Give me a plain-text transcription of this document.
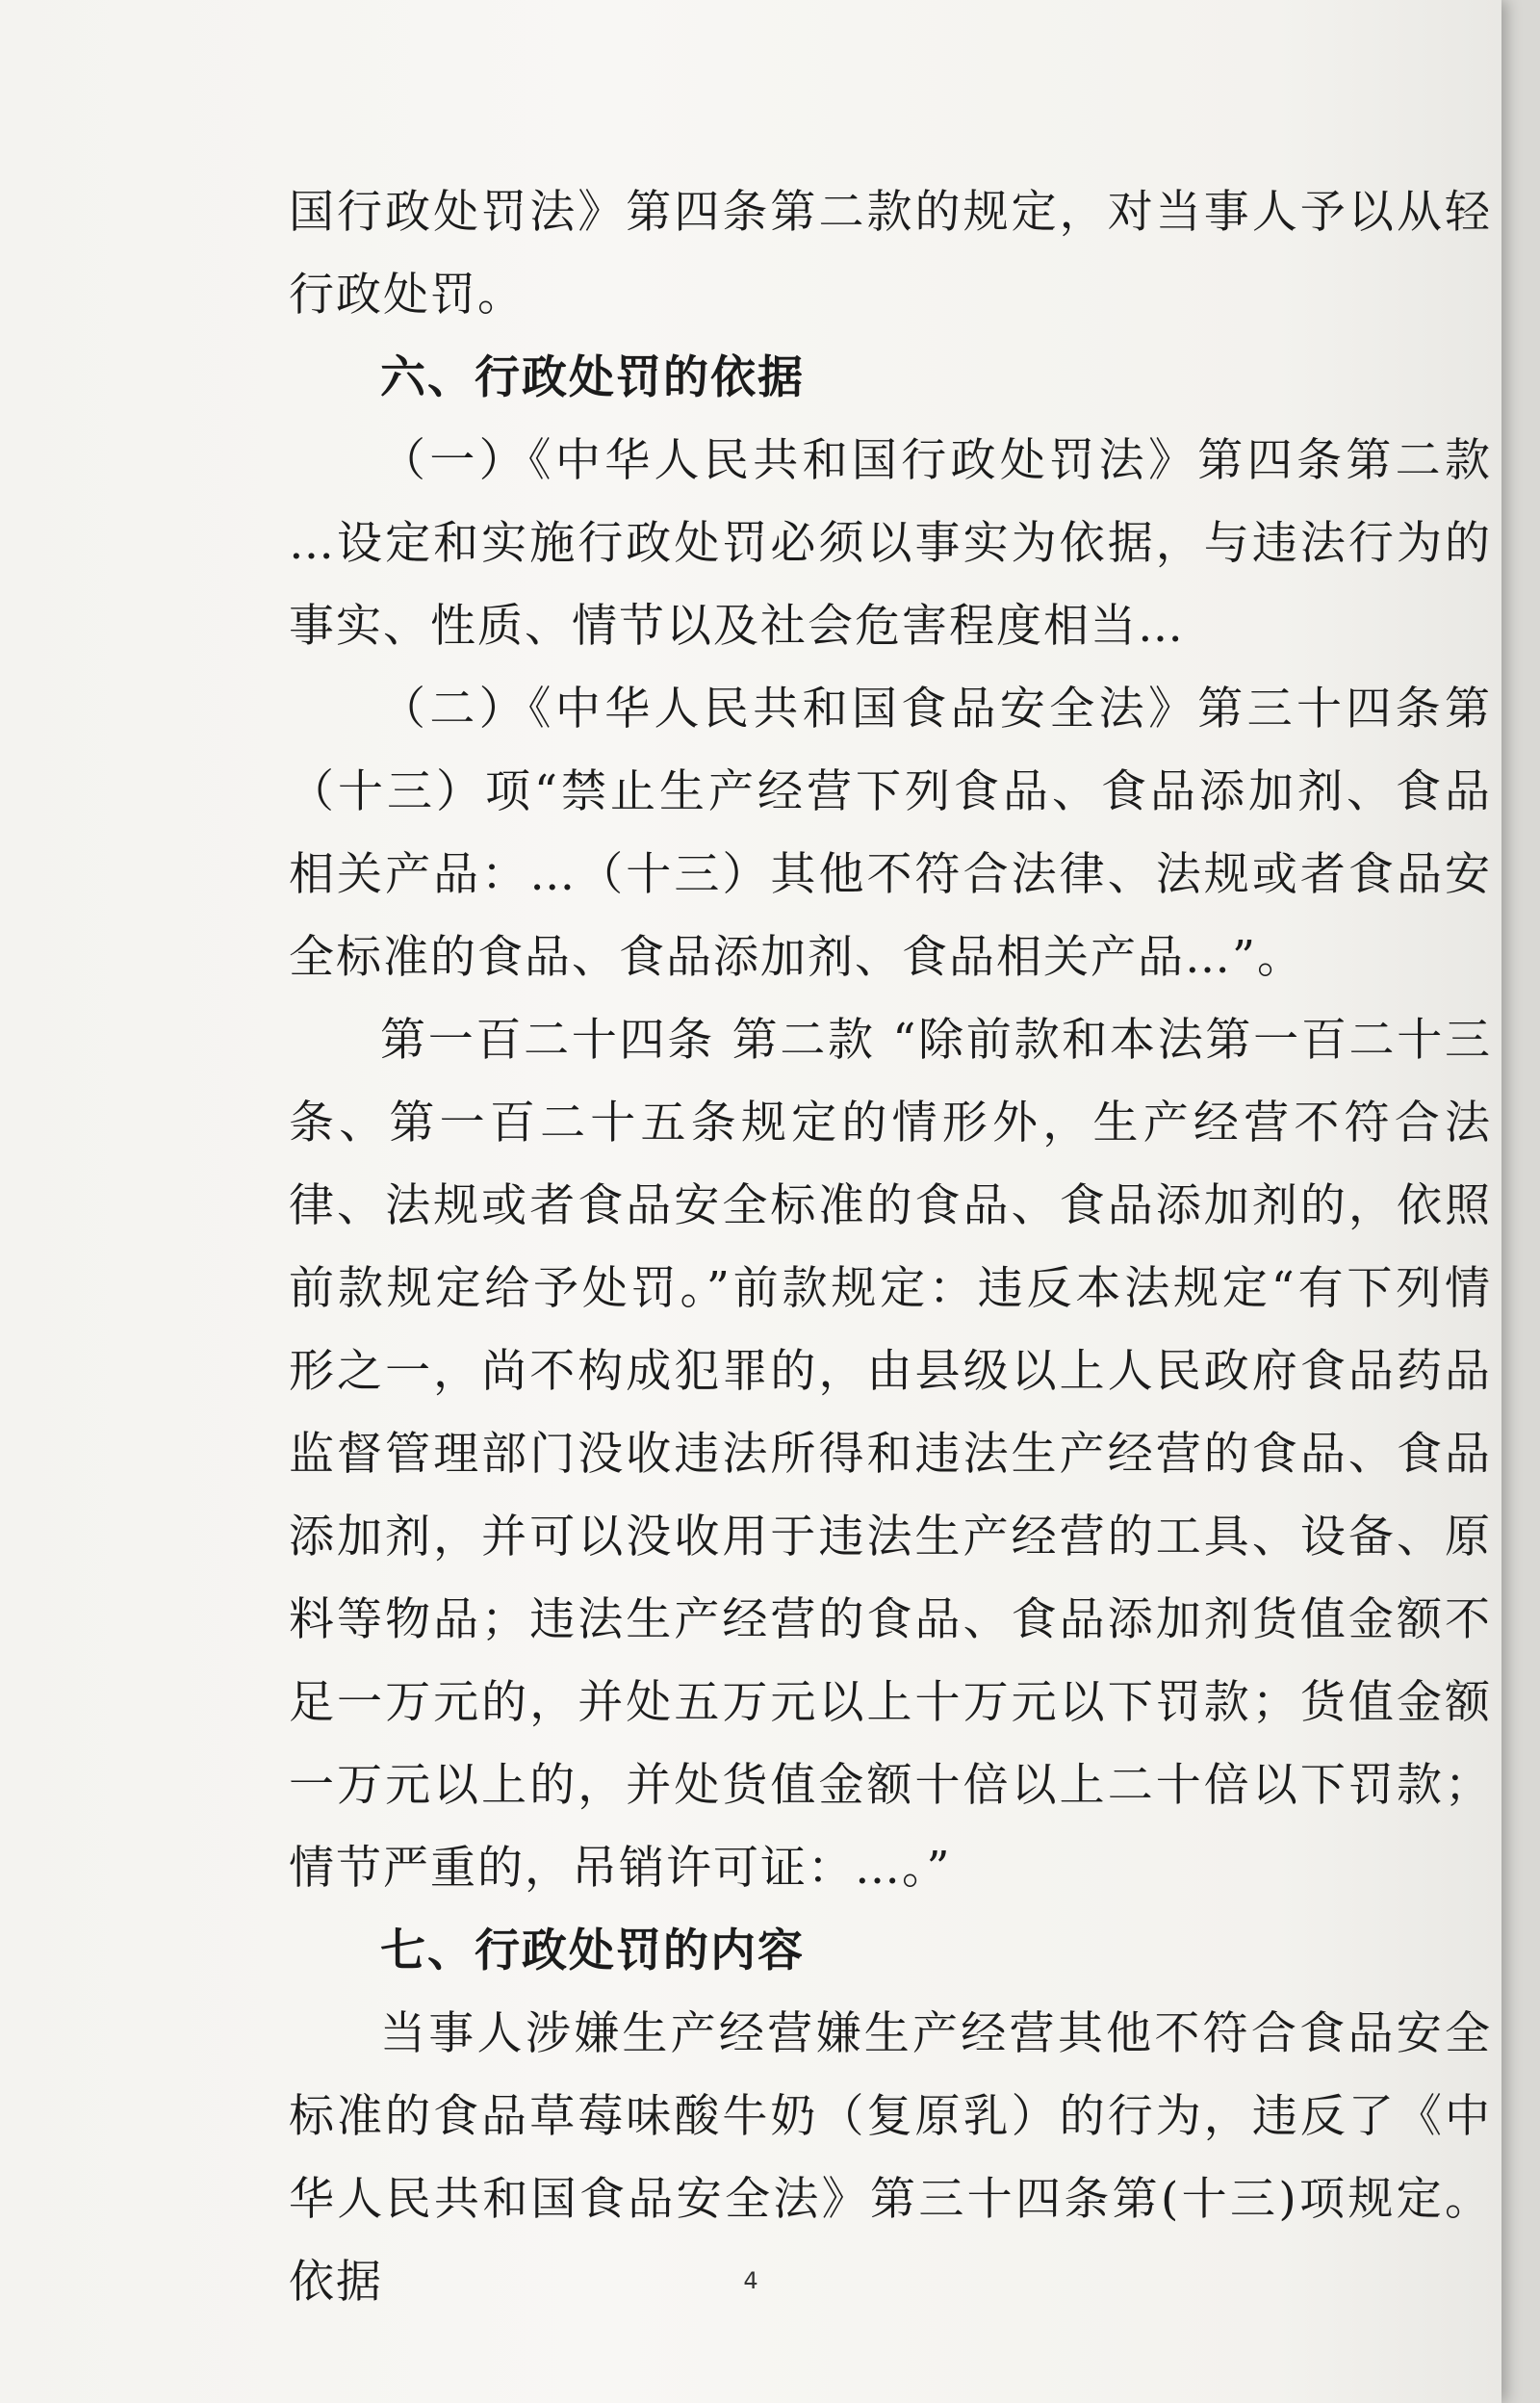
国行政处罚法》第四条第二款的规定，对当事人予以从轻行政处罚。

六、行政处罚的依据

（一）《中华人民共和国行政处罚法》第四条第二款 …设定和实施行政处罚必须以事实为依据，与违法行为的事实、性质、情节以及社会危害程度相当…

（二）《中华人民共和国食品安全法》第三十四条第（十三）项“禁止生产经营下列食品、食品添加剂、食品相关产品：…（十三）其他不符合法律、法规或者食品安全标准的食品、食品添加剂、食品相关产品…”。

第一百二十四条 第二款 “除前款和本法第一百二十三条、第一百二十五条规定的情形外，生产经营不符合法律、法规或者食品安全标准的食品、食品添加剂的，依照前款规定给予处罚。”前款规定：违反本法规定“有下列情形之一，尚不构成犯罪的，由县级以上人民政府食品药品监督管理部门没收违法所得和违法生产经营的食品、食品添加剂，并可以没收用于违法生产经营的工具、设备、原料等物品；违法生产经营的食品、食品添加剂货值金额不足一万元的，并处五万元以上十万元以下罚款；货值金额一万元以上的，并处货值金额十倍以上二十倍以下罚款；情节严重的，吊销许可证：…。”

七、行政处罚的内容

当事人涉嫌生产经营嫌生产经营其他不符合食品安全标准的食品草莓味酸牛奶（复原乳）的行为，违反了《中华人民共和国食品安全法》第三十四条第(十三)项规定。依据	4
